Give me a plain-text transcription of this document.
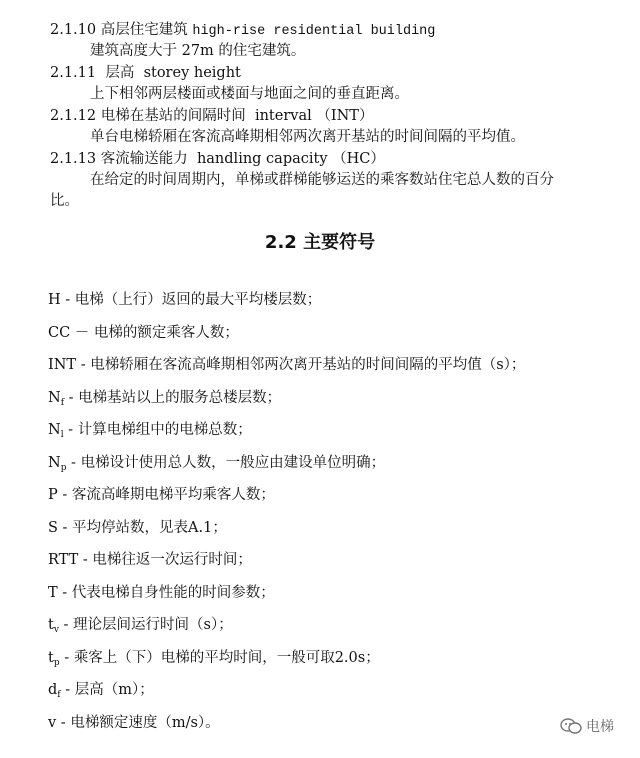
2.1.10 高层住宅建筑 high-rise residential building
建筑高度大于 27m 的住宅建筑。
2.1.11 层高 storey height
上下相邻两层楼面或楼面与地面之间的垂直距离。
2.1.12 电梯在基站的间隔时间 interval （INT）
单台电梯轿厢在客流高峰期相邻两次离开基站的时间间隔的平均值。
2.1.13 客流输送能力 handling capacity （HC）
在给定的时间周期内，单梯或群梯能够运送的乘客数站住宅总人数的百分
比。
2.2 主要符号
H - 电梯（上行）返回的最大平均楼层数；
CC － 电梯的额定乘客人数；
INT - 电梯轿厢在客流高峰期相邻两次离开基站的时间间隔的平均值（s）；
$N_f$ - 电梯基站以上的服务总楼层数；
$N_l$ - 计算电梯组中的电梯总数；
$N_p$ - 电梯设计使用总人数，一般应由建设单位明确；
P - 客流高峰期电梯平均乘客人数；
S - 平均停站数，见表A.1；
RTT - 电梯往返一次运行时间；
T - 代表电梯自身性能的时间参数；
$t_v$ - 理论层间运行时间（s）；
$t_p$ - 乘客上（下）电梯的平均时间，一般可取2.0s；
$d_f$ - 层高（m）；
v - 电梯额定速度（m/s）。	电梯
